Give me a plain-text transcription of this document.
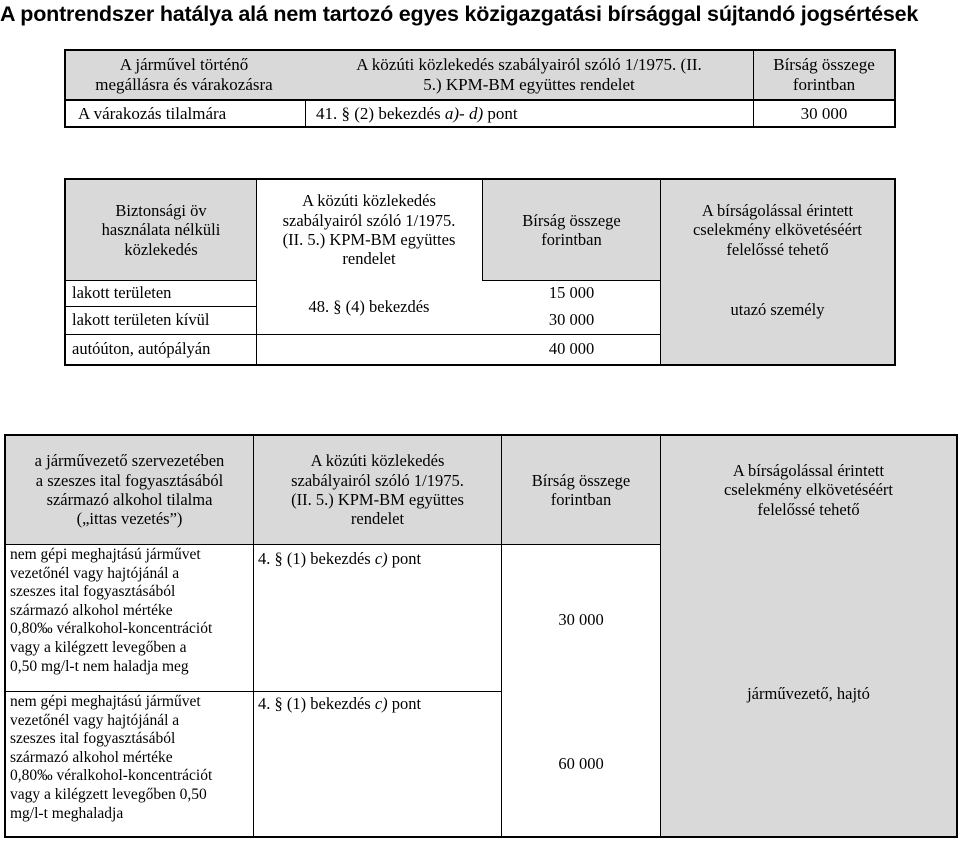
A pontrendszer hatálya alá nem tartozó egyes közigazgatási bírsággal sújtandó jogsértések
A járművel történő
megállásra és várakozásra
A közúti közlekedés szabályairól szóló 1/1975. (II.
5.) KPM-BM együttes rendelet
Bírság összege
forintban
A várakozás tilalmára	41. § (2) bekezdés a)- d) pont	30 000
Biztonsági öv
használata nélküli
közlekedés
A közúti közlekedés
szabályairól szóló 1/1975.
(II. 5.) KPM-BM együttes
rendelet
Bírság összege
forintban
A bírságolással érintett
cselekmény elkövetéséért
felelőssé tehető
lakott területen
lakott területen kívül
autóúton, autópályán
48. § (4) bekezdés
15 000
30 000
40 000
utazó személy
a járművezető szervezetében
a szeszes ital fogyasztásából
származó alkohol tilalma
(„ittas vezetés”)
A közúti közlekedés
szabályairól szóló 1/1975.
(II. 5.) KPM-BM együttes
rendelet
Bírság összege
forintban
A bírságolással érintett
cselekmény elkövetéséért
felelőssé tehető
nem gépi meghajtású járművet
vezetőnél vagy hajtójánál a
szeszes ital fogyasztásából
származó alkohol mértéke
0,80‰ véralkohol-koncentrációt
vagy a kilégzett levegőben a
0,50 mg/l-t nem haladja meg
nem gépi meghajtású járművet
vezetőnél vagy hajtójánál a
szeszes ital fogyasztásából
származó alkohol mértéke
0,80‰ véralkohol-koncentrációt
vagy a kilégzett levegőben 0,50
mg/l-t meghaladja
4. § (1) bekezdés c) pont
4. § (1) bekezdés c) pont
30 000
60 000
járművezető, hajtó
